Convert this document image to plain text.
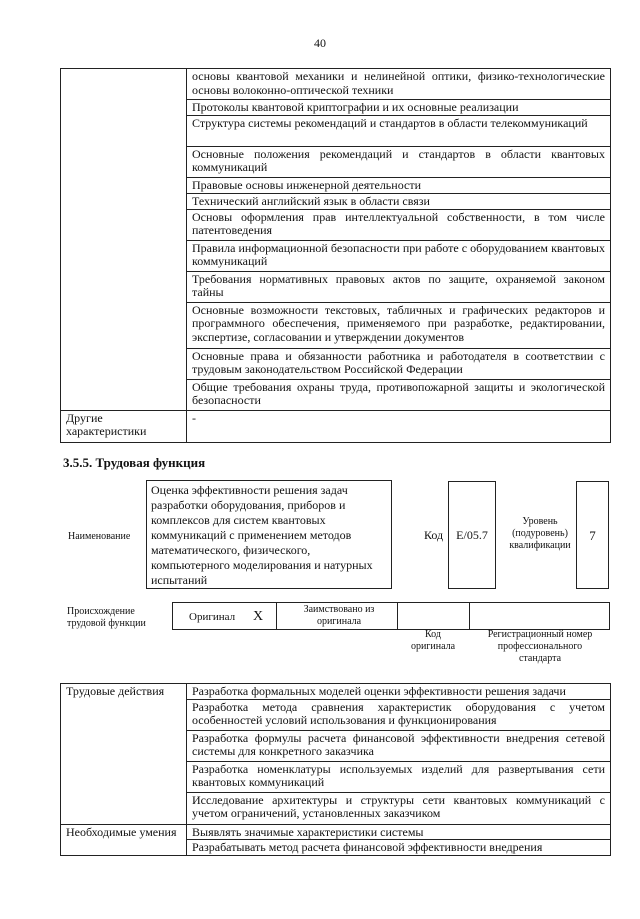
40
	основы квантовой механики и нелинейной оптики, физико-технологические основы волоконно-оптической техники
	Протоколы квантовой криптографии и их основные реализации
	Структура системы рекомендаций и стандартов в области телекоммуникаций
	Основные положения рекомендаций и стандартов в области квантовых коммуникаций
	Правовые основы инженерной деятельности
	Технический английский язык в области связи
	Основы оформления прав интеллектуальной собственности, в том числе патентоведения
	Правила информационной безопасности при работе с оборудованием квантовых коммуникаций
	Требования нормативных правовых актов по защите, охраняемой законом тайны
	Основные возможности текстовых, табличных и графических редакторов и программного обеспечения, применяемого при разработке, редактировании, экспертизе, согласовании и утверждении документов
	Основные права и обязанности работника и работодателя в соответствии с трудовым законодательством Российской Федерации
	Общие требования охраны труда, противопожарной защиты и экологической безопасности
Другие характеристики	-
3.5.5. Трудовая функция
Наименование
Оценка эффективности решения задач разработки оборудования, приборов и комплексов для систем квантовых коммуникаций с применением методов математического, физического, компьютерного моделирования и натурных испытаний
Код	E/05.7
Уровень (подуровень) квалификации
7
Происхождение трудовой функции
Оригинал X	Заимствовано из оригинала
Код оригинала
Регистрационный номер профессионального стандарта
Трудовые действия	Разработка формальных моделей оценки эффективности решения задачи
	Разработка метода сравнения характеристик оборудования с учетом особенностей условий использования и функционирования
	Разработка формулы расчета финансовой эффективности внедрения сетевой системы для конкретного заказчика
	Разработка номенклатуры используемых изделий для развертывания сети квантовых коммуникаций
	Исследование архитектуры и структуры сети квантовых коммуникаций с учетом ограничений, установленных заказчиком
Необходимые умения	Выявлять значимые характеристики системы
	Разрабатывать метод расчета финансовой эффективности внедрения
